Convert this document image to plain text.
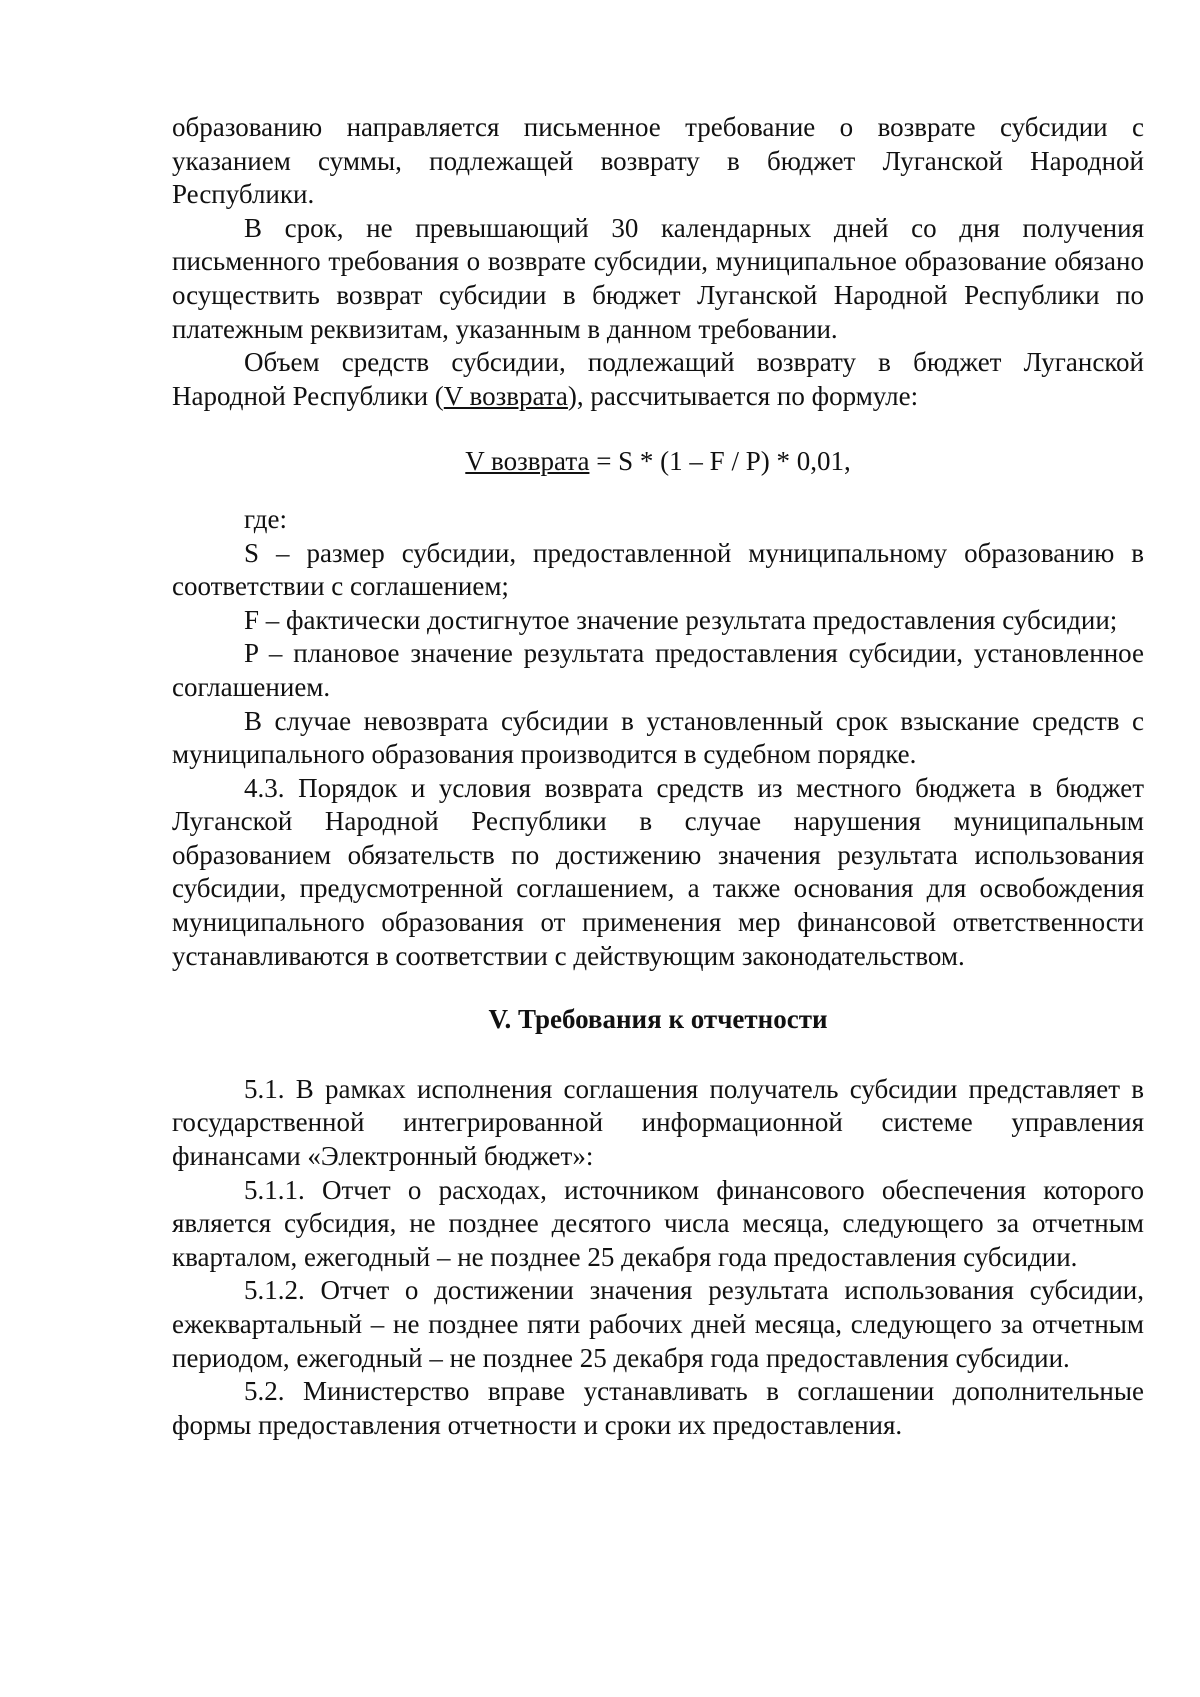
образованию направляется письменное требование о возврате субсидии с указанием суммы, подлежащей возврату в бюджет Луганской Народной Республики.

В срок, не превышающий 30 календарных дней со дня получения письменного требования о возврате субсидии, муниципальное образование обязано осуществить возврат субсидии в бюджет Луганской Народной Республики по платежным реквизитам, указанным в данном требовании.

Объем средств субсидии, подлежащий возврату в бюджет Луганской Народной Республики (V возврата), рассчитывается по формуле:

V возврата = S * (1 – F / P) * 0,01,

где:

S – размер субсидии, предоставленной муниципальному образованию в соответствии с соглашением;

F – фактически достигнутое значение результата предоставления субсидии;

P – плановое значение результата предоставления субсидии, установленное соглашением.

В случае невозврата субсидии в установленный срок взыскание средств с муниципального образования производится в судебном порядке.

4.3. Порядок и условия возврата средств из местного бюджета в бюджет Луганской Народной Республики в случае нарушения муниципальным образованием обязательств по достижению значения результата использования субсидии, предусмотренной соглашением, а также основания для освобождения муниципального образования от применения мер финансовой ответственности устанавливаются в соответствии с действующим законодательством.

V. Требования к отчетности

5.1. В рамках исполнения соглашения получатель субсидии представляет в государственной интегрированной информационной системе управления финансами «Электронный бюджет»:

5.1.1. Отчет о расходах, источником финансового обеспечения которого является субсидия, не позднее десятого числа месяца, следующего за отчетным кварталом, ежегодный – не позднее 25 декабря года предоставления субсидии.

5.1.2. Отчет о достижении значения результата использования субсидии, ежеквартальный – не позднее пяти рабочих дней месяца, следующего за отчетным периодом, ежегодный – не позднее 25 декабря года предоставления субсидии.

5.2. Министерство вправе устанавливать в соглашении дополнительные формы предоставления отчетности и сроки их предоставления.
